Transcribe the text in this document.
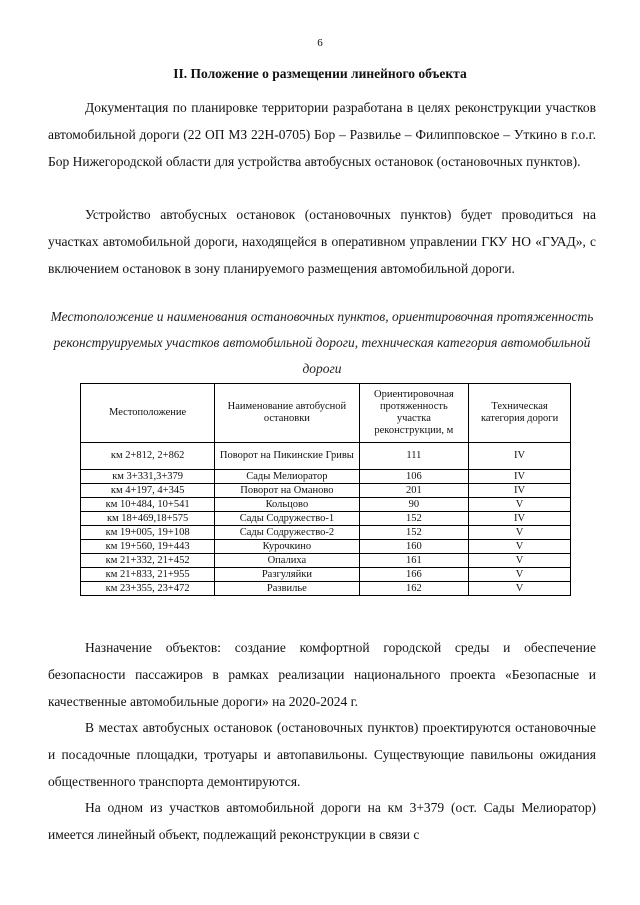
6
II. Положение о размещении линейного объекта

Документация по планировке территории разработана в целях реконструкции участков автомобильной дороги (22 ОП МЗ 22Н-0705) Бор – Развилье – Филипповское – Уткино в г.о.г. Бор Нижегородской области для устройства автобусных остановок (остановочных пунктов).

Устройство автобусных остановок (остановочных пунктов) будет проводиться на участках автомобильной дороги, находящейся в оперативном управлении ГКУ НО «ГУАД», с включением остановок в зону планируемого размещения автомобильной дороги.

Местоположение и наименования остановочных пунктов, ориентировочная протяженность реконструируемых участков автомобильной дороги, техническая категория автомобильной дороги
Местоположение	Наименование автобусной остановки	Ориентировочная протяженность участка реконструкции, м	Техническая категория дороги
км 2+812, 2+862	Поворот на Пикинские Гривы	111	IV
км 3+331,3+379	Сады Мелиоратор	106	IV
км 4+197, 4+345	Поворот на Оманово	201	IV
км 10+484, 10+541	Кольцово	90	V
км 18+469,18+575	Сады Содружество-1	152	IV
км 19+005, 19+108	Сады Содружество-2	152	V
км 19+560, 19+443	Курочкино	160	V
км 21+332, 21+452	Опалиха	161	V
км 21+833, 21+955	Разгуляйки	166	V
км 23+355, 23+472	Развилье	162	V

Назначение объектов: создание комфортной городской среды и обеспечение безопасности пассажиров в рамках реализации национального проекта «Безопасные и качественные автомобильные дороги» на 2020-2024 г.

В местах автобусных остановок (остановочных пунктов) проектируются остановочные и посадочные площадки, тротуары и автопавильоны. Существующие павильоны ожидания общественного транспорта демонтируются.

На одном из участков автомобильной дороги на км 3+379 (ост. Сады Мелиоратор) имеется линейный объект, подлежащий реконструкции в связи с
